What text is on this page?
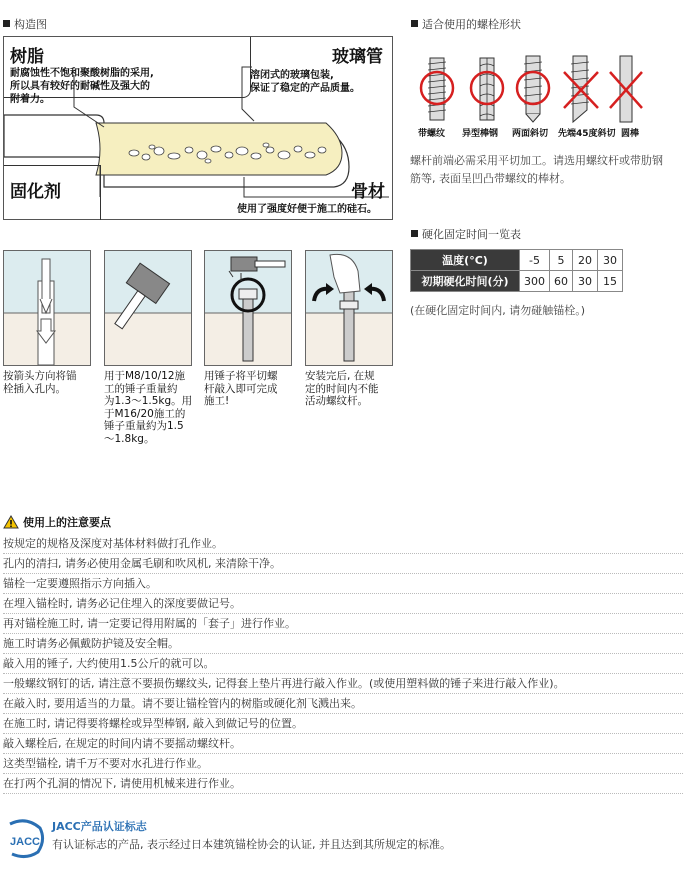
构造图
树脂
耐腐蚀性不饱和聚酸树脂的采用,
所以具有较好的耐碱性及强大的
附着力。
玻璃管
溶闭式的玻璃包装,
保证了稳定的产品质量。
固化剂	骨材
使用了强度好便于施工的硅石。
适合使用的螺栓形状
带螺纹 异型棒钢 两面斜切 先端45度斜切 圆棒
螺杆前端必需采用平切加工。请选用螺纹杆或带肋钢
筋等, 表面呈凹凸带螺纹的棒材。
硬化固定时间一览表
温度(°C)	-5	5	20	30
初期硬化时间(分)	300	60	30	15
(在硬化固定时间内, 请勿碰触锚栓。)
按箭头方向将锚
栓插入孔内。
用于M8/10/12施
工的锤子重量約
为1.3～1.5kg。用
于M16/20施工的
锤子重量約为1.5
～1.8kg。
用锤子将平切螺
杆敲入即可完成
施工!
安装完后, 在规
定的时间内不能
活动螺纹杆。
使用上的注意要点
按规定的规格及深度对基体材料做打孔作业。
孔内的清扫, 请务必使用金属毛刷和吹风机, 来清除干净。
锚栓一定要遵照指示方向插入。
在埋入锚栓时, 请务必记住埋入的深度要做记号。
再对锚栓施工时, 请一定要记得用附属的「套子」进行作业。
施工时请务必佩戴防护镜及安全帽。
敲入用的锤子, 大约使用1.5公斤的就可以。
一般螺纹钢钉的话, 请注意不要损伤螺纹头, 记得套上垫片再进行敲入作业。(或使用塑料做的锤子来进行敲入作业)。
在敲入时, 要用适当的力量。请不要让锚栓管内的树脂或硬化剂飞溅出来。
在施工时, 请记得要将螺栓或异型棒钢, 敲入到做记号的位置。
敲入螺栓后, 在规定的时间内请不要摇动螺纹杆。
这类型锚栓, 请千万不要对水孔进行作业。
在打两个孔洞的情况下, 请使用机械来进行作业。
JACC
JACC产品认证标志
有认证标志的产品, 表示经过日本建筑锚栓协会的认证, 并且达到其所规定的标准。
